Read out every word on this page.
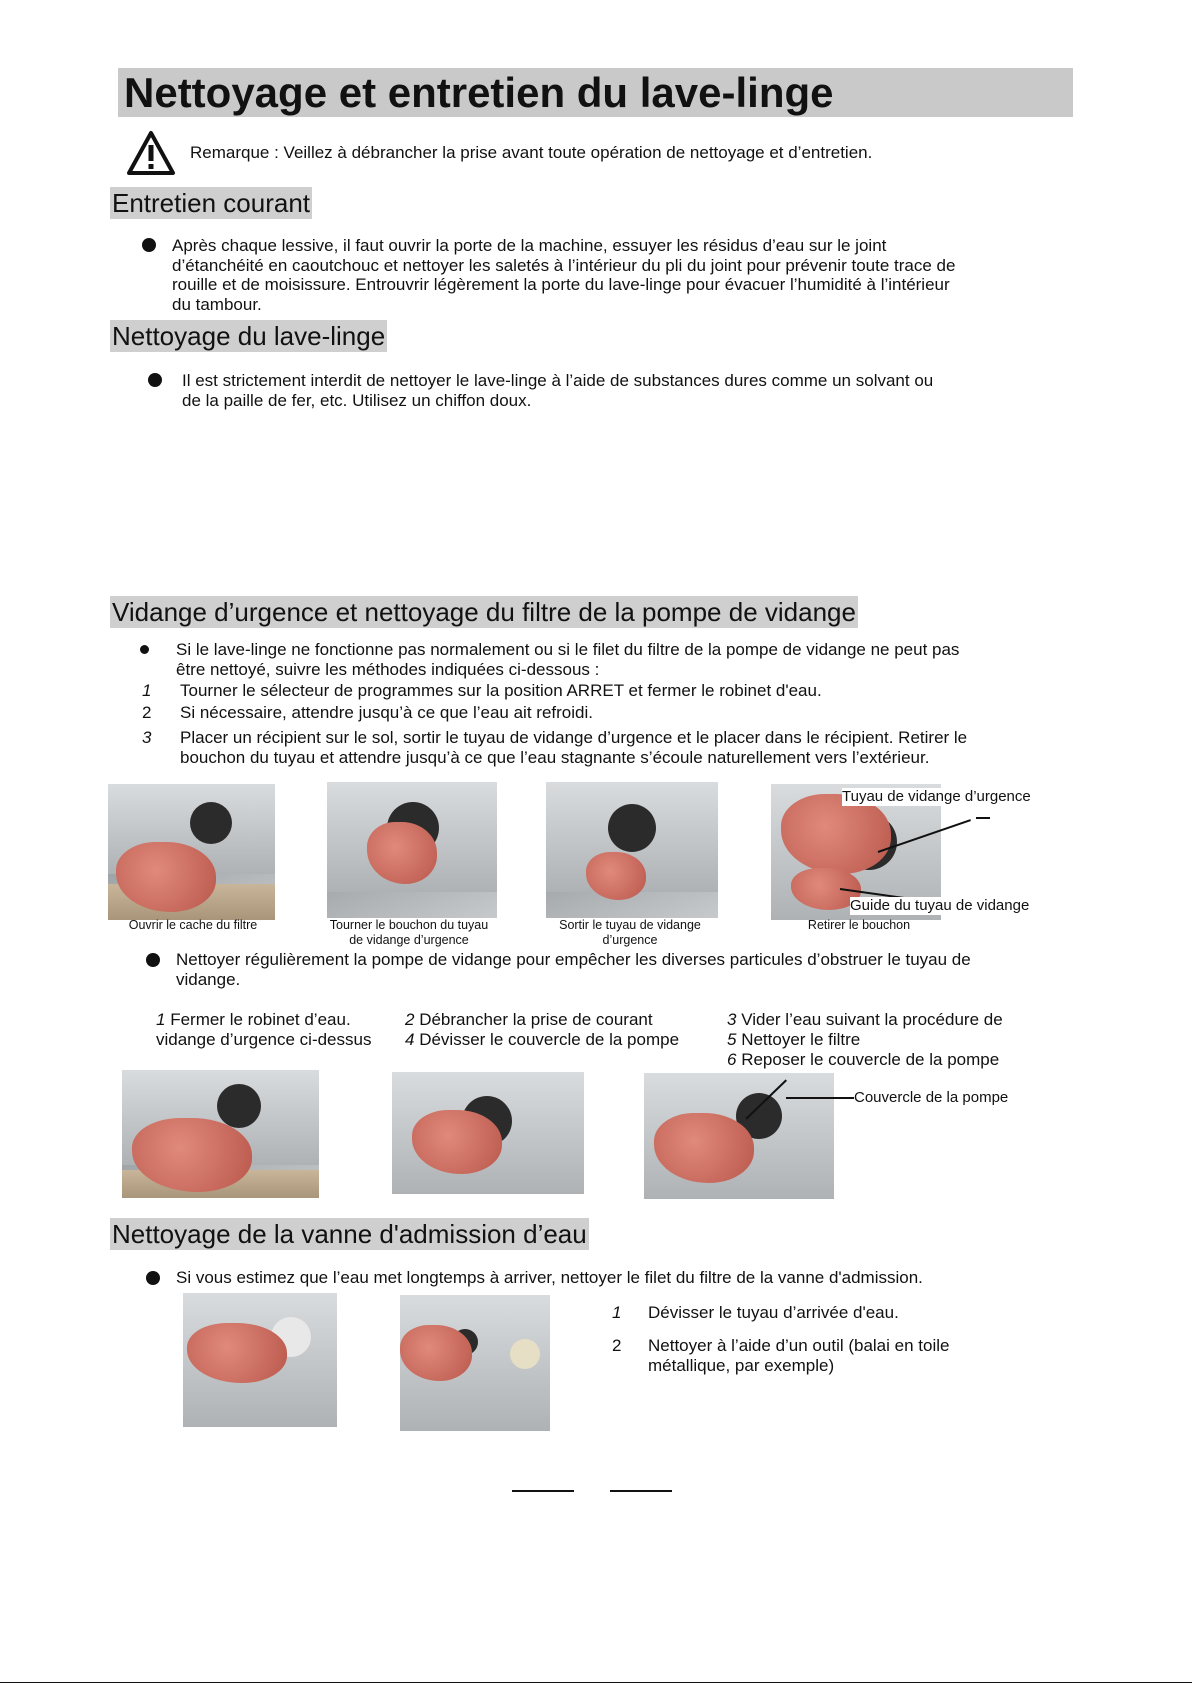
Nettoyage et entretien du lave-linge
Remarque : Veillez à débrancher la prise avant toute opération de nettoyage et d’entretien.
Entretien courant
Après chaque lessive, il faut ouvrir la porte de la machine, essuyer les résidus d’eau sur le joint
d’étanchéité en caoutchouc et nettoyer les saletés à l’intérieur du pli du joint pour prévenir toute trace de
rouille et de moisissure. Entrouvrir légèrement la porte du lave-linge pour évacuer l’humidité à l’intérieur
du tambour.
Nettoyage du lave-linge
Il est strictement interdit de nettoyer le lave-linge à l’aide de substances dures comme un solvant ou
de la paille de fer, etc. Utilisez un chiffon doux.
Vidange d’urgence et nettoyage du filtre de la pompe de vidange
Si le lave-linge ne fonctionne pas normalement ou si le filet du filtre de la pompe de vidange ne peut pas
être nettoyé, suivre les méthodes indiquées ci-dessous :
1 Tourner le sélecteur de programmes sur la position ARRET et fermer le robinet d'eau.
2 Si nécessaire, attendre jusqu’à ce que l’eau ait refroidi.
3 Placer un récipient sur le sol, sortir le tuyau de vidange d’urgence et le placer dans le récipient. Retirer le
bouchon du tuyau et attendre jusqu’à ce que l’eau stagnante s’écoule naturellement vers l’extérieur.
Tuyau de vidange d’urgence
Guide du tuyau de vidange
Ouvrir le cache du filtre	Tourner le bouchon du tuyau
de vidange d’urgence
Sortir le tuyau de vidange
d’urgence
Retirer le bouchon
Nettoyer régulièrement la pompe de vidange pour empêcher les diverses particules d’obstruer le tuyau de
vidange.
1 Fermer le robinet d’eau.
vidange d’urgence ci-dessus
2 Débrancher la prise de courant
4 Dévisser le couvercle de la pompe
3 Vider l’eau suivant la procédure de
5 Nettoyer le filtre
6 Reposer le couvercle de la pompe
Couvercle de la pompe
Nettoyage de la vanne d'admission d’eau
Si vous estimez que l’eau met longtemps à arriver, nettoyer le filet du filtre de la vanne d'admission.
1 Dévisser le tuyau d’arrivée d'eau.
2 Nettoyer à l’aide d’un outil (balai en toile
métallique, par exemple)
